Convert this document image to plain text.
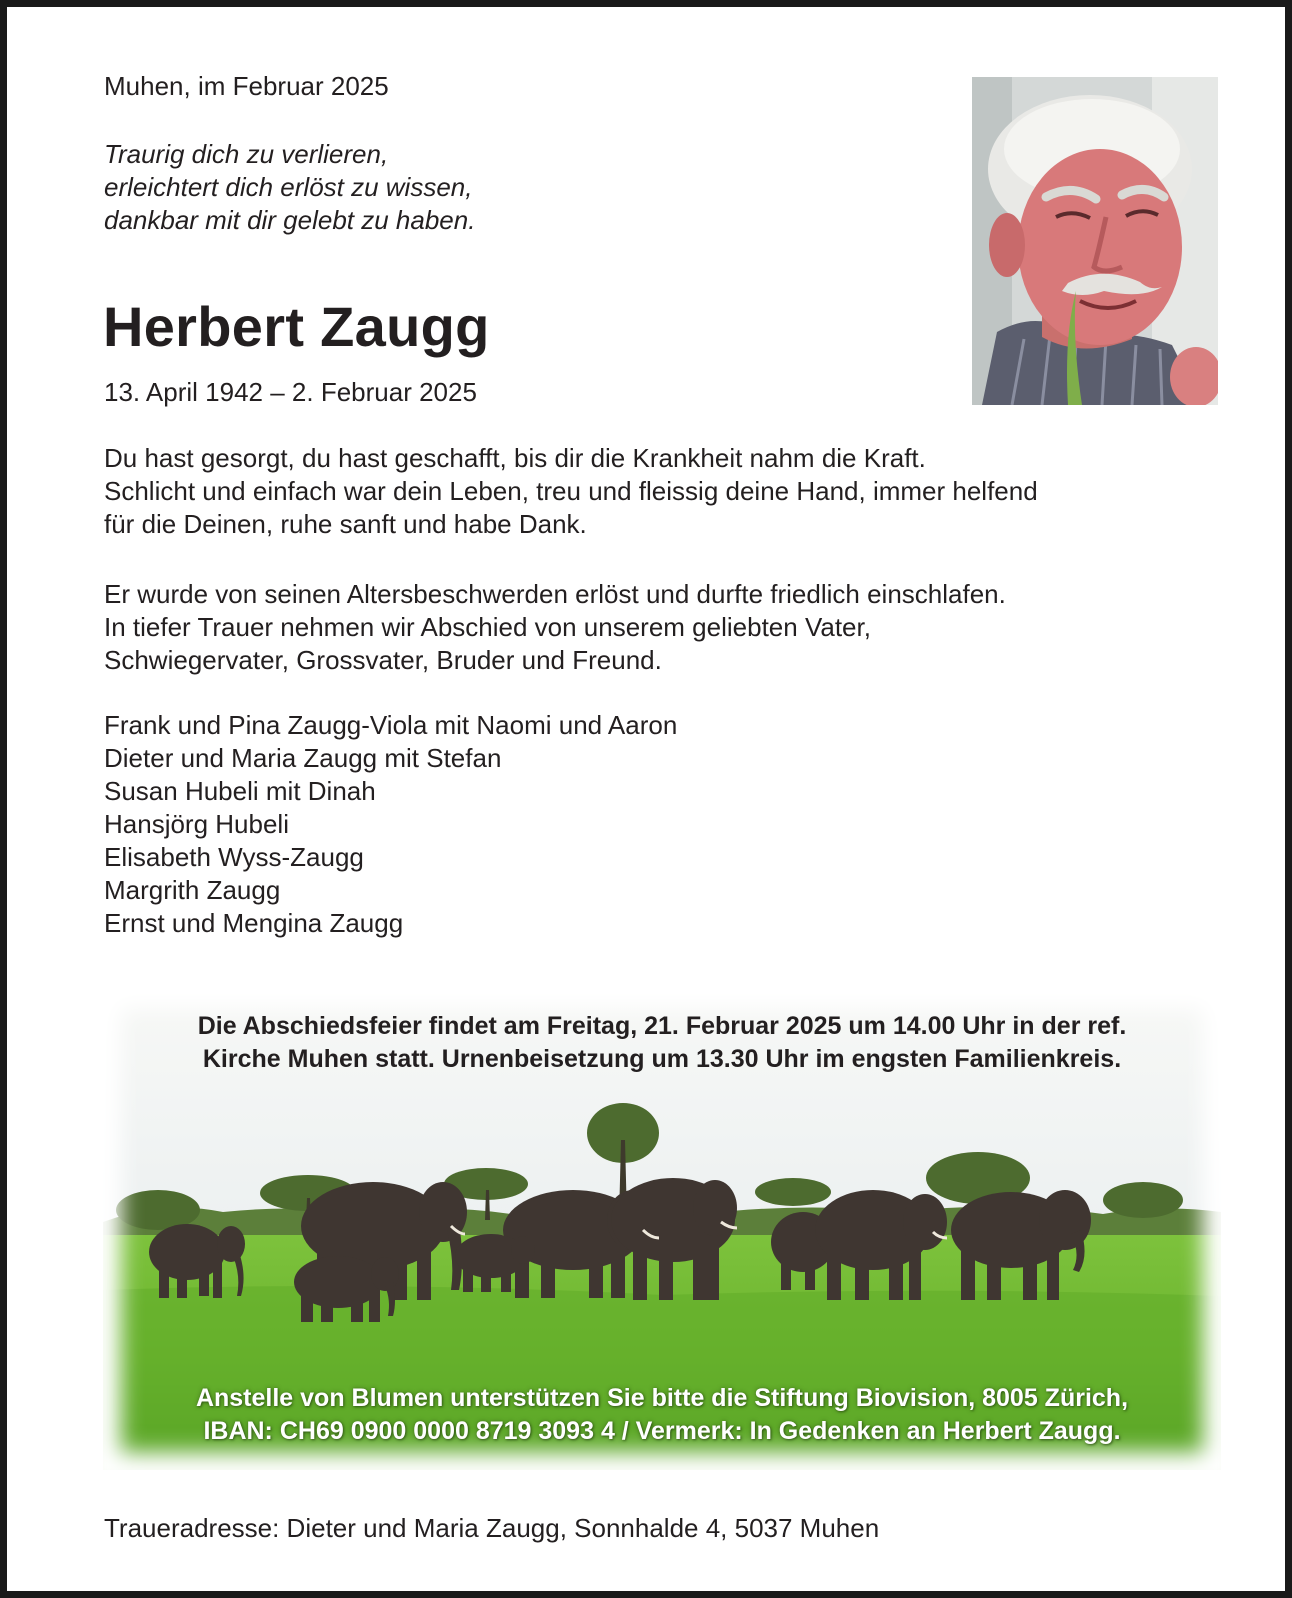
Muhen, im Februar 2025
Traurig dich zu verlieren,
erleichtert dich erlöst zu wissen,
dankbar mit dir gelebt zu haben.
Herbert Zaugg
13. April 1942 – 2. Februar 2025
Du hast gesorgt, du hast geschafft, bis dir die Krankheit nahm die Kraft.
Schlicht und einfach war dein Leben, treu und fleissig deine Hand, immer helfend
für die Deinen, ruhe sanft und habe Dank.
Er wurde von seinen Altersbeschwerden erlöst und durfte friedlich einschlafen.
In tiefer Trauer nehmen wir Abschied von unserem geliebten Vater,
Schwiegervater, Grossvater, Bruder und Freund.
Frank und Pina Zaugg-Viola mit Naomi und Aaron
Dieter und Maria Zaugg mit Stefan
Susan Hubeli mit Dinah
Hansjörg Hubeli
Elisabeth Wyss-Zaugg
Margrith Zaugg
Ernst und Mengina Zaugg
Die Abschiedsfeier findet am Freitag, 21. Februar 2025 um 14.00 Uhr in der ref.
Kirche Muhen statt. Urnenbeisetzung um 13.30 Uhr im engsten Familienkreis.
Anstelle von Blumen unterstützen Sie bitte die Stiftung Biovision, 8005 Zürich,
IBAN: CH69 0900 0000 8719 3093 4 / Vermerk: In Gedenken an Herbert Zaugg.
Traueradresse: Dieter und Maria Zaugg, Sonnhalde 4, 5037 Muhen
